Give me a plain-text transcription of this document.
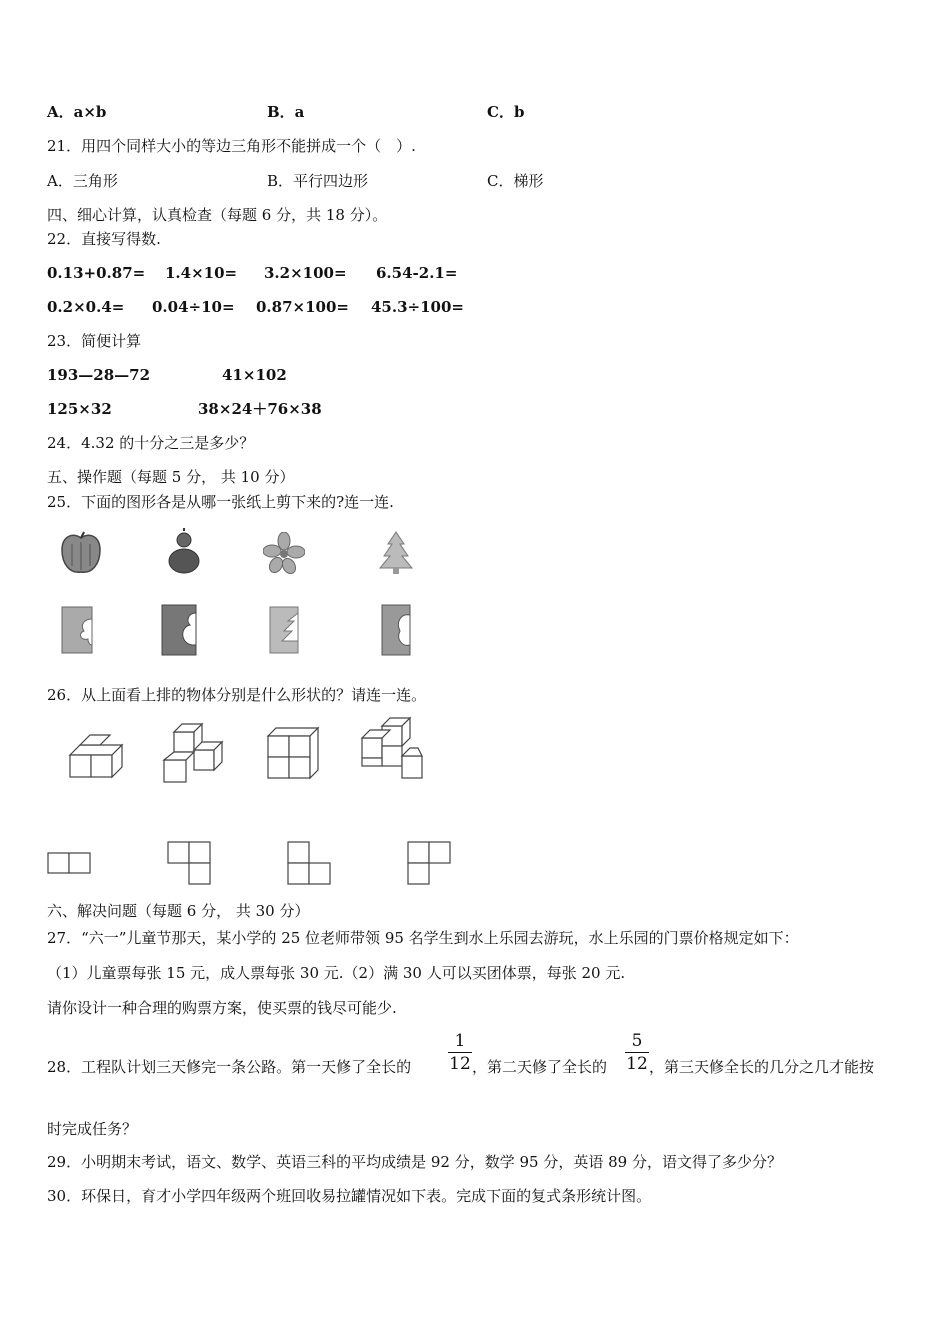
A．a×b	B．a	C．b
21．用四个同样大小的等边三角形不能拼成一个（　）.
A．三角形	B．平行四边形	C．梯形
四、细心计算，认真检查（每题 6 分，共 18 分）。
22．直接写得数.
0.13+0.87= 1.4×10= 3.2×100= 6.54-2.1=
0.2×0.4= 0.04÷10= 0.87×100= 45.3÷100=
23．简便计算
193—28—72	41×102
125×32	38×24＋76×38
24．4.32 的十分之三是多少？
五、操作题（每题 5 分， 共 10 分）
25．下面的图形各是从哪一张纸上剪下来的?连一连.
26．从上面看上排的物体分别是什么形状的？请连一连。
六、解决问题（每题 6 分， 共 30 分）
27．“六一”儿童节那天，某小学的 25 位老师带领 95 名学生到水上乐园去游玩，水上乐园的门票价格规定如下：
（1）儿童票每张 15 元，成人票每张 30 元.（2）满 30 人可以买团体票，每张 20 元.
请你设计一种合理的购票方案，使买票的钱尽可能少.
28．工程队计划三天修完一条公路。第一天修了全长的
1
12 ，第二天修了全长的
5
12 ，第三天修全长的几分之几才能按
时完成任务？
29．小明期末考试，语文、数学、英语三科的平均成绩是 92 分，数学 95 分，英语 89 分，语文得了多少分？
30．环保日，育才小学四年级两个班回收易拉罐情况如下表。完成下面的复式条形统计图。
